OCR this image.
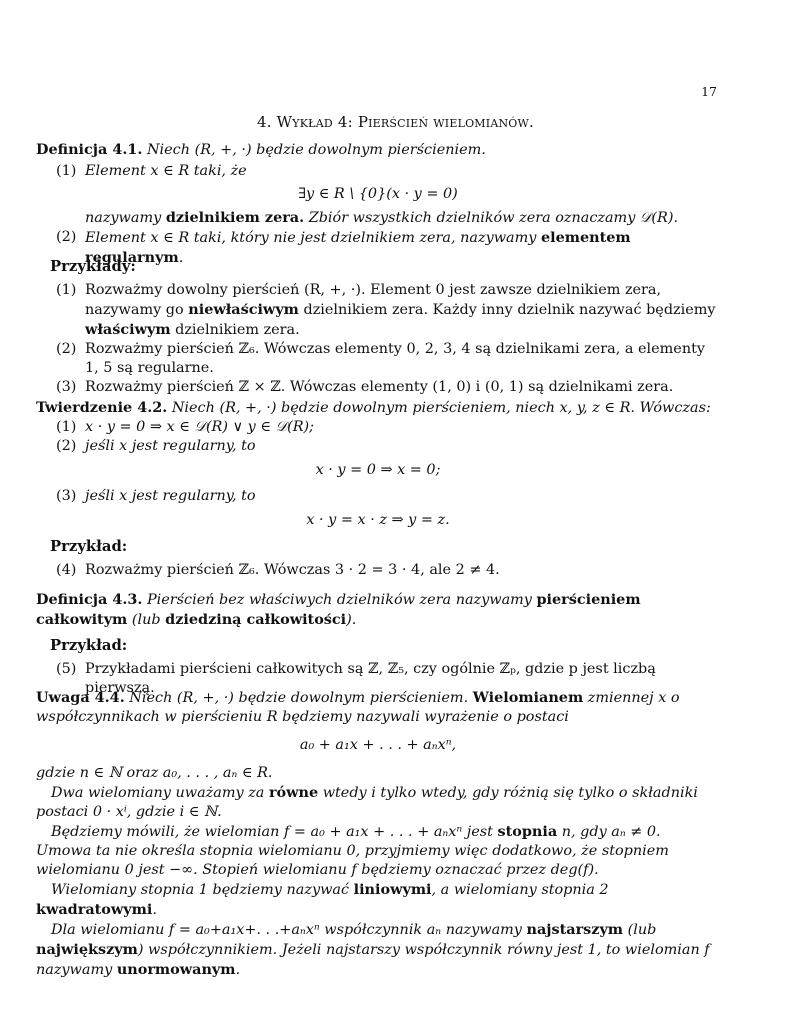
17
4. Wykład 4: Pierścień wielomianów.
Definicja 4.1. Niech (R, +, ·) będzie dowolnym pierścieniem.
(1) Element x ∈ R taki, że
∃y ∈ R \ {0}(x · y = 0)
nazywamy dzielnikiem zera. Zbiór wszystkich dzielników zera oznaczamy 𝒟(R).
(2) Element x ∈ R taki, który nie jest dzielnikiem zera, nazywamy elementem regularnym.
Przykłady:
(1) Rozważmy dowolny pierścień (R, +, ·). Element 0 jest zawsze dzielnikiem zera, nazywamy go niewłaściwym dzielnikiem zera. Każdy inny dzielnik nazywać będziemy właściwym dzielnikiem zera.
(2) Rozważmy pierścień ℤ₆. Wówczas elementy 0, 2, 3, 4 są dzielnikami zera, a elementy 1, 5 są regularne.
(3) Rozważmy pierścień ℤ × ℤ. Wówczas elementy (1, 0) i (0, 1) są dzielnikami zera.
Twierdzenie 4.2. Niech (R, +, ·) będzie dowolnym pierścieniem, niech x, y, z ∈ R. Wówczas:
(1) x · y = 0 ⇒ x ∈ 𝒟(R) ∨ y ∈ 𝒟(R);
(2) jeśli x jest regularny, to
x · y = 0 ⇒ x = 0;
(3) jeśli x jest regularny, to
x · y = x · z ⇒ y = z.
Przykład:
(4) Rozważmy pierścień ℤ₆. Wówczas 3 · 2 = 3 · 4, ale 2 ≠ 4.
Definicja 4.3. Pierścień bez właściwych dzielników zera nazywamy pierścieniem całkowitym (lub dziedziną całkowitości).
Przykład:
(5) Przykładami pierścieni całkowitych są ℤ, ℤ₅, czy ogólnie ℤₚ, gdzie p jest liczbą pierwszą.
Uwaga 4.4. Niech (R, +, ·) będzie dowolnym pierścieniem. Wielomianem zmiennej x o współczynnikach w pierścieniu R będziemy nazywali wyrażenie o postaci
a₀ + a₁x + . . . + aₙxⁿ,
gdzie n ∈ ℕ oraz a₀, . . . , aₙ ∈ R.
Dwa wielomiany uważamy za równe wtedy i tylko wtedy, gdy różnią się tylko o składniki postaci 0 · xⁱ, gdzie i ∈ ℕ.
Będziemy mówili, że wielomian f = a₀ + a₁x + . . . + aₙxⁿ jest stopnia n, gdy aₙ ≠ 0. Umowa ta nie określa stopnia wielomianu 0, przyjmiemy więc dodatkowo, że stopniem wielomianu 0 jest −∞. Stopień wielomianu f będziemy oznaczać przez deg(f).
Wielomiany stopnia 1 będziemy nazywać liniowymi, a wielomiany stopnia 2 kwadratowymi.
Dla wielomianu f = a₀+a₁x+. . .+aₙxⁿ współczynnik aₙ nazywamy najstarszym (lub największym) współczynnikiem. Jeżeli najstarszy współczynnik równy jest 1, to wielomian f nazywamy unormowanym.
